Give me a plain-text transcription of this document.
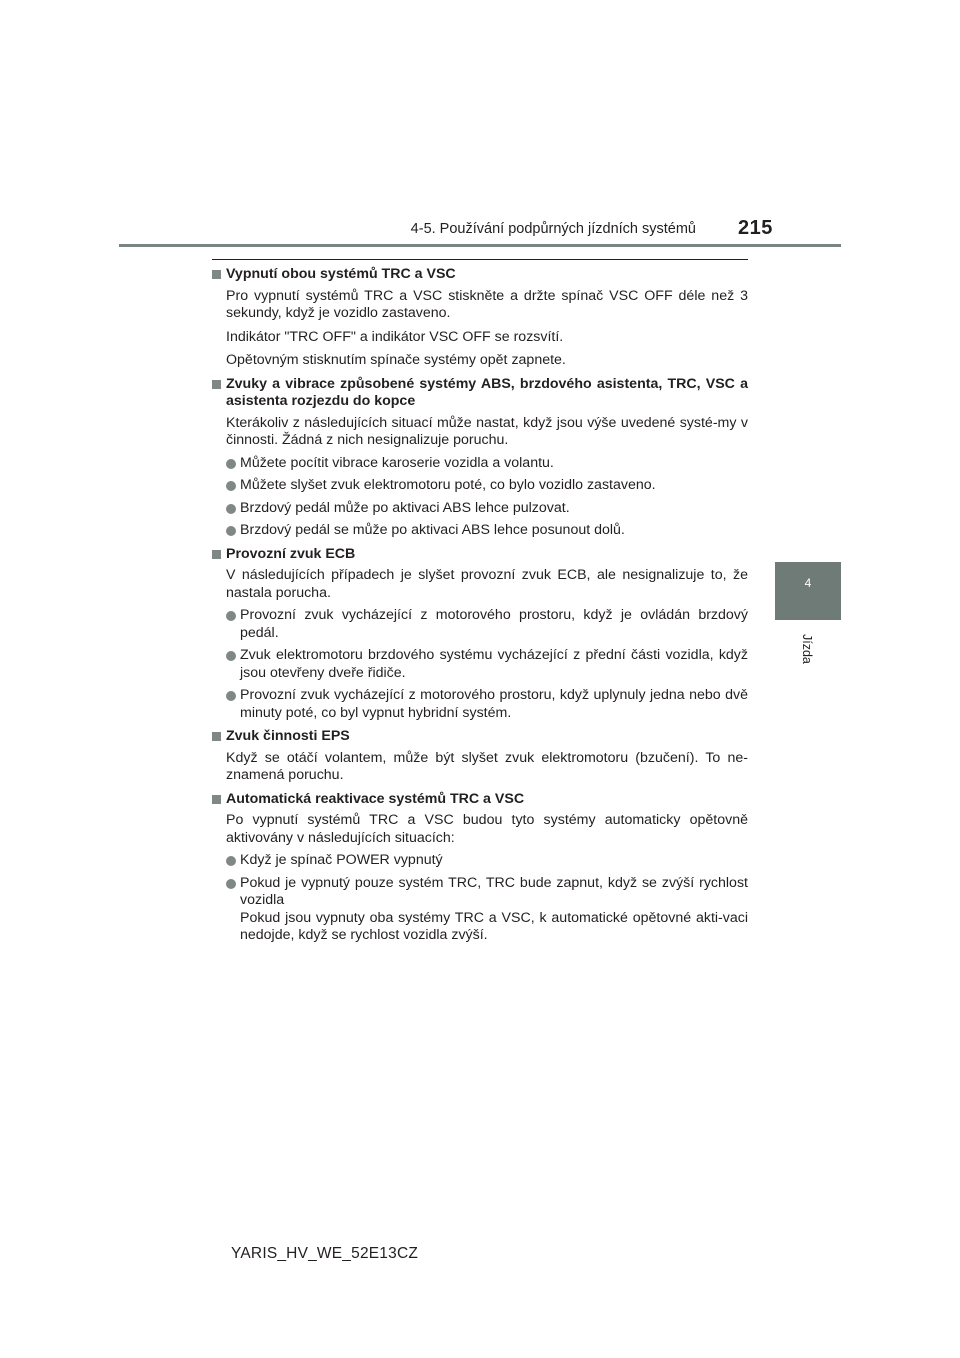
4-5. Používání podpůrných jízdních systémů 215
4
Jízda
Vypnutí obou systémů TRC a VSC
Pro vypnutí systémů TRC a VSC stiskněte a držte spínač VSC OFF déle než 3 sekundy, když je vozidlo zastaveno.
Indikátor "TRC OFF" a indikátor VSC OFF se rozsvítí.
Opětovným stisknutím spínače systémy opět zapnete.
Zvuky a vibrace způsobené systémy ABS, brzdového asistenta, TRC, VSC a asistenta rozjezdu do kopce
Kterákoliv z následujících situací může nastat, když jsou výše uvedené systé-my v činnosti. Žádná z nich nesignalizuje poruchu.
Můžete pocítit vibrace karoserie vozidla a volantu.
Můžete slyšet zvuk elektromotoru poté, co bylo vozidlo zastaveno.
Brzdový pedál může po aktivaci ABS lehce pulzovat.
Brzdový pedál se může po aktivaci ABS lehce posunout dolů.
Provozní zvuk ECB
V následujících případech je slyšet provozní zvuk ECB, ale nesignalizuje to, že nastala porucha.
Provozní zvuk vycházející z motorového prostoru, když je ovládán brzdový pedál.
Zvuk elektromotoru brzdového systému vycházející z přední části vozidla, když jsou otevřeny dveře řidiče.
Provozní zvuk vycházející z motorového prostoru, když uplynuly jedna nebo dvě minuty poté, co byl vypnut hybridní systém.
Zvuk činnosti EPS
Když se otáčí volantem, může být slyšet zvuk elektromotoru (bzučení). To ne-znamená poruchu.
Automatická reaktivace systémů TRC a VSC
Po vypnutí systémů TRC a VSC budou tyto systémy automaticky opětovně aktivovány v následujících situacích:
Když je spínač POWER vypnutý
Pokud je vypnutý pouze systém TRC, TRC bude zapnut, když se zvýší rychlost vozidla
Pokud jsou vypnuty oba systémy TRC a VSC, k automatické opětovné akti-vaci nedojde, když se rychlost vozidla zvýší.
YARIS_HV_WE_52E13CZ
